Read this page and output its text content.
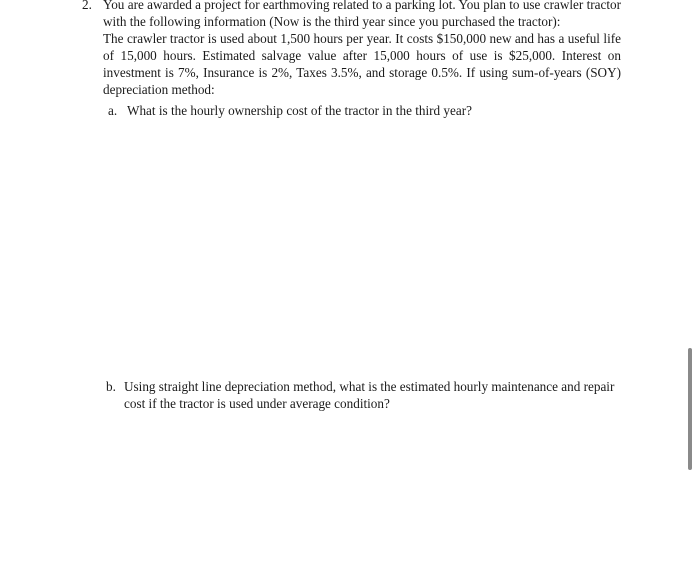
2. You are awarded a project for earthmoving related to a parking lot. You plan to use crawler tractor with the following information (Now is the third year since you purchased the tractor):

The crawler tractor is used about 1,500 hours per year. It costs $150,000 new and has a useful life of 15,000 hours. Estimated salvage value after 15,000 hours of use is $25,000. Interest on investment is 7%, Insurance is 2%, Taxes 3.5%, and storage 0.5%. If using sum-of-years (SOY) depreciation method:

a. What is the hourly ownership cost of the tractor in the third year?
b. Using straight line depreciation method, what is the estimated hourly maintenance and repair cost if the tractor is used under average condition?
